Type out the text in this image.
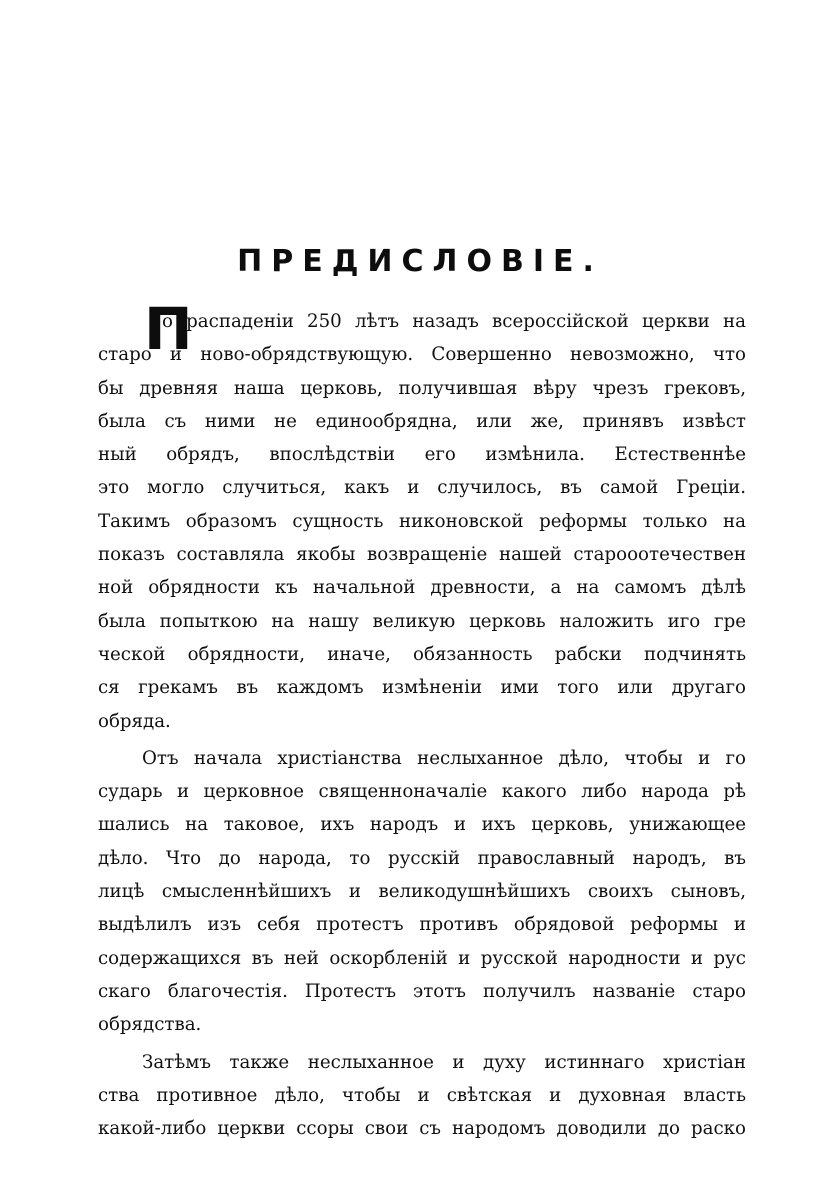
ПРЕДИСЛОВІЕ.
П

о распаденіи 250 лѣтъ назадъ всероссійской церкви на

старо и ново-обрядствующую. Совершенно невозможно, что

бы древняя наша церковь, получившая вѣру чрезъ грековъ,

была съ ними не единообрядна, или же, принявъ извѣст

ный обрядъ, впослѣдствіи его измѣнила. Естественнѣе

это могло случиться, какъ и случилось, въ самой Греціи.

Такимъ образомъ сущность никоновской реформы только на

показъ составляла якобы возвращеніе нашей старооотечествен

ной обрядности къ начальной древности, а на самомъ дѣлѣ

была попыткою на нашу великую церковь наложить иго гре

ческой обрядности, иначе, обязанность рабски подчинять

ся грекамъ въ каждомъ измѣненіи ими того или другаго

обряда.

Отъ начала христіанства неслыханное дѣло, чтобы и го

сударь и церковное священноначаліе какого либо народа рѣ

шались на таковое, ихъ народъ и ихъ церковь, унижающее

дѣло. Что до народа, то русскій православный народъ, въ

лицѣ смысленнѣйшихъ и великодушнѣйшихъ своихъ сыновъ,

выдѣлилъ изъ себя протестъ противъ обрядовой реформы и

содержащихся въ ней оскорбленій и русской народности и рус

скаго благочестія. Протестъ этотъ получилъ названіе старо

обрядства.

Затѣмъ также неслыханное и духу истиннаго христіан

ства противное дѣло, чтобы и свѣтская и духовная власть

какой-либо церкви ссоры свои съ народомъ доводили до раско
